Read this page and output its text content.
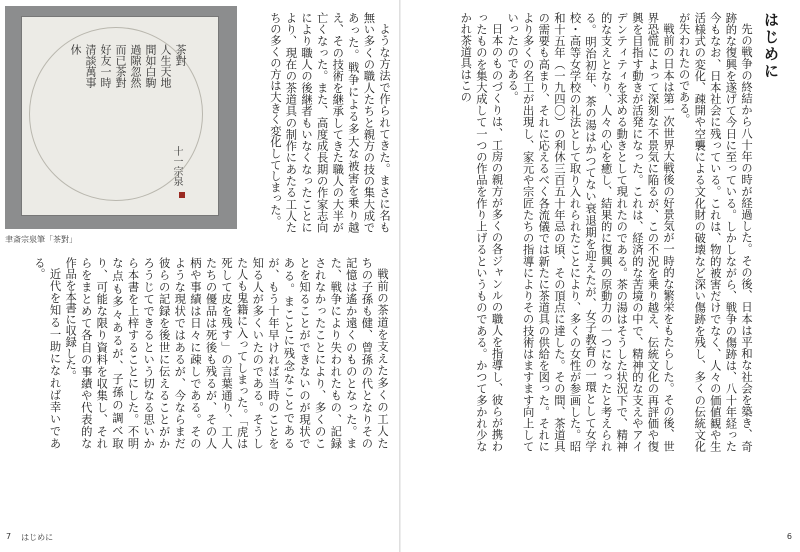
茶對
人生天地
間如白駒
過隙忽然
而已茶對
好友一時
清談萬事
休
十一宗泉
聿斎宗泉筆「茶對」
はじめに

先の戦争の終結から八十年の時が経過した。その後、日本は平和な社会を築き、奇跡的な復興を遂げて今日に至っている。しかしながら、戦争の傷跡は、八十年経った今もなお、日本社会に残っている。これは、物的被害だけでなく、人々の価値観や生活様式の変化、疎開や空襲による文化財の破壊など深い傷跡を残し、多くの伝統文化が失われたのである。

戦前の日本は第一次世界大戦後の好景気が一時的な繁栄をもたらした。その後、世界恐慌によって深刻な不景気に陥るが、この不況を乗り越え、伝統文化の再評価や復興を目指す動きが活発になった。これは、経済的な苦境の中で、精神的な支えやアイデンティティを求める動きとして現れたのである。茶の湯はそうした状況下で、精神的な支えとなり、人々の心を癒し、結果的に復興の原動力の一つになったと考えられる。明治初年、茶の湯はかつてない衰退期を迎えたが、女子教育の一環として女学校・高等女学校の礼法として取り入れられたことにより、多くの女性が参画した。昭和十五年（一九四〇）の利休三百五十年忌の頃、その頂点に達した。その間、茶道具の需要も高まり、それに応えるべく各流儀では新たに茶道具の供給を図った。それにより多くの名工が出現し、家元や宗匠たちの指導によりその技術はますます向上していったのである。

日本のものづくりは、工房の親方が多くの各ジャンルの職人を指導し、彼らが携わったものを集大成して一つの作品を作り上げるというものである。かつて多かれ少なかれ茶道具はこの

ような方法で作られてきた。まさに名も無い多くの職人たちと親方の技の集大成であった。戦争による多大な被害を乗り越え、その技術を継承してきた職人の大半が亡くなった。また、高度成長期の作家志向により職人の後継者もいなくなったことにより、現在の茶道具の制作にあたる工人たちの多くの方は大きく変化してしまった。

戦前の茶道を支えた多くの工人たちの子孫も健、曾孫の代となりその記憶は遙か遠くのものとなった。また、戦争により失われたもの、記録されなかったことにより、多くのことを知ることができないのが現状である。まことに残念なことであるが、もう十年早ければ当時のことを知る人が多くいたのである。そうした人も鬼籍に入ってしまった。「虎は死して皮を残す」の言葉通り、工人たちの優品は死後も残るが、その人柄や事績は日々に疎しである。そのような現状ではあるが、今ならまだ彼らの記録を後世に伝えることがかろうじてできるという切なる思いから本書を上梓することにした。不明な点も多々あるが、子孫の調べ取り、可能な限り資料を収集し、それらをまとめて各自の事績や代表的な作品を本書に収録した。

近代を知る一助になれば幸いである。

7 はじめに	6
